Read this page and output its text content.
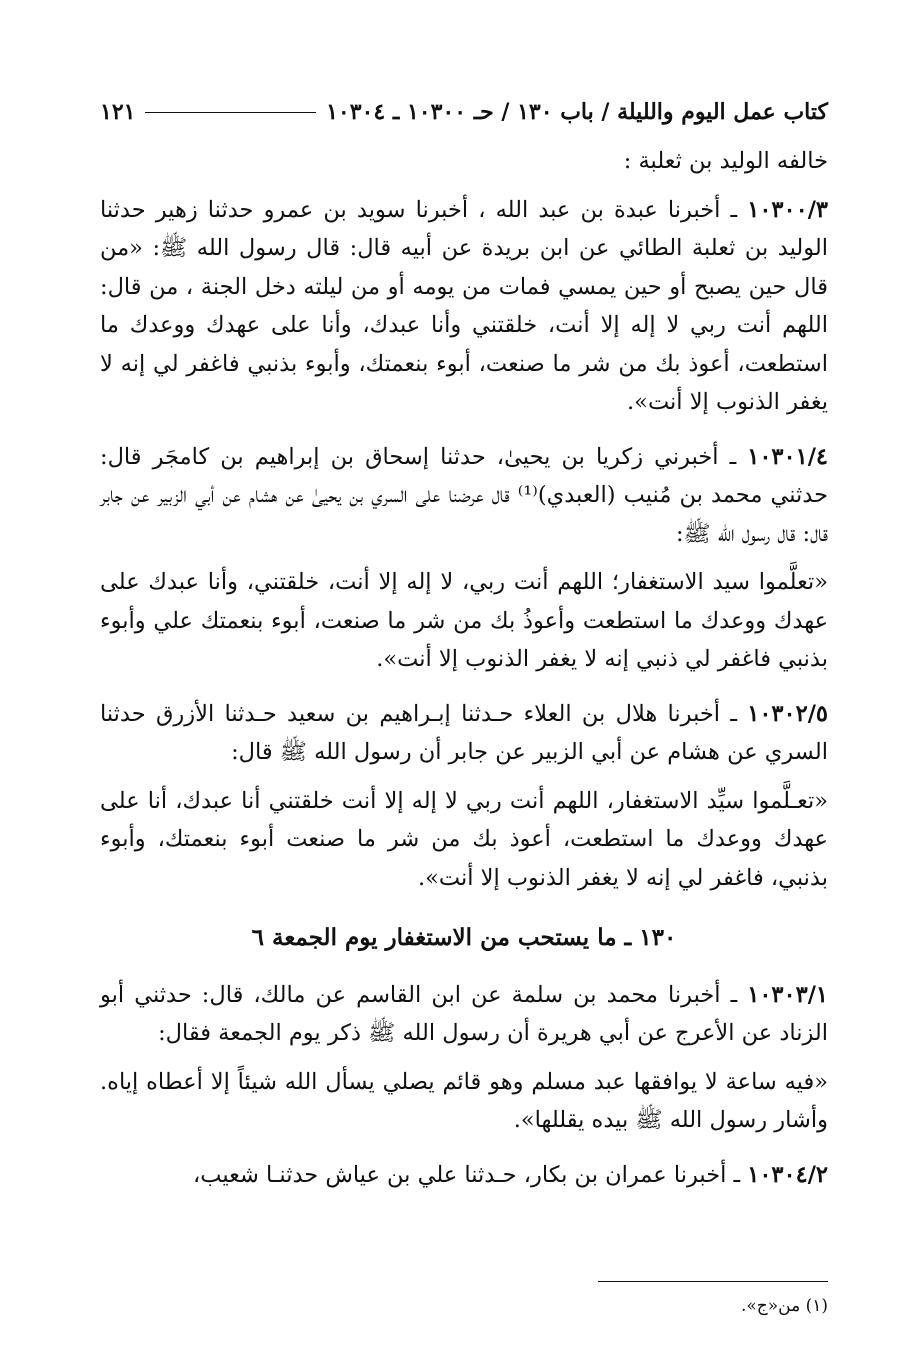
كتاب عمل اليوم والليلة / باب ١٣٠ / حـ ١٠٣٠٠ ـ ١٠٣٠٤
١٢١

خالفه الوليد بن ثعلبة :

١٠٣٠٠/٣ ـ أخبرنا عبدة بن عبد الله ، أخبرنا سويد بن عمرو حدثنا زهير حدثنا الوليد بن ثعلبة الطائي عن ابن بريدة عن أبيه قال: قال رسول الله ﷺ: «من قال حين يصبح أو حين يمسي فمات من يومه أو من ليلته دخل الجنة ، من قال: اللهم أنت ربي لا إله إلا أنت، خلقتني وأنا عبدك، وأنا على عهدك ووعدك ما استطعت، أعوذ بك من شر ما صنعت، أبوء بنعمتك، وأبوء بذنبي فاغفر لي إنه لا يغفر الذنوب إلا أنت».

١٠٣٠١/٤ ـ أخبرني زكريا بن يحيىٰ، حدثنا إسحاق بن إبراهيم بن كامجَر قال: حدثني محمد بن مُنيب (العبدي)⁽¹⁾ قال عرضنا على السري بن يحيىٰ عن هشام عن أبي الزبير عن جابر قال: قال رسول الله ﷺ:

«تعلَّموا سيد الاستغفار؛ اللهم أنت ربي، لا إله إلا أنت، خلقتني، وأنا عبدك على عهدك ووعدك ما استطعت وأعوذُ بك من شر ما صنعت، أبوء بنعمتك علي وأبوء بذنبي فاغفر لي ذنبي إنه لا يغفر الذنوب إلا أنت».

١٠٣٠٢/٥ ـ أخبرنا هلال بن العلاء حـدثنا إبـراهيم بن سعيد حـدثنا الأزرق حدثنا السري عن هشام عن أبي الزبير عن جابر أن رسول الله ﷺ قال:

«تعـلَّموا سيِّد الاستغفار، اللهم أنت ربي لا إله إلا أنت خلقتني أنا عبدك، أنا على عهدك ووعدك ما استطعت، أعوذ بك من شر ما صنعت أبوء بنعمتك، وأبوء بذنبي، فاغفر لي إنه لا يغفر الذنوب إلا أنت».

١٣٠ ـ ما يستحب من الاستغفار يوم الجمعة ٦

١٠٣٠٣/١ ـ أخبرنا محمد بن سلمة عن ابن القاسم عن مالك، قال: حدثني أبو الزناد عن الأعرج عن أبي هريرة أن رسول الله ﷺ ذكر يوم الجمعة فقال:

«فيه ساعة لا يوافقها عبد مسلم وهو قائم يصلي يسأل الله شيئاً إلا أعطاه إياه. وأشار رسول الله ﷺ بيده يقللها».

١٠٣٠٤/٢ ـ أخبرنا عمران بن بكار، حـدثنا علي بن عياش حدثنـا شعيب،

(١) من«ج».
